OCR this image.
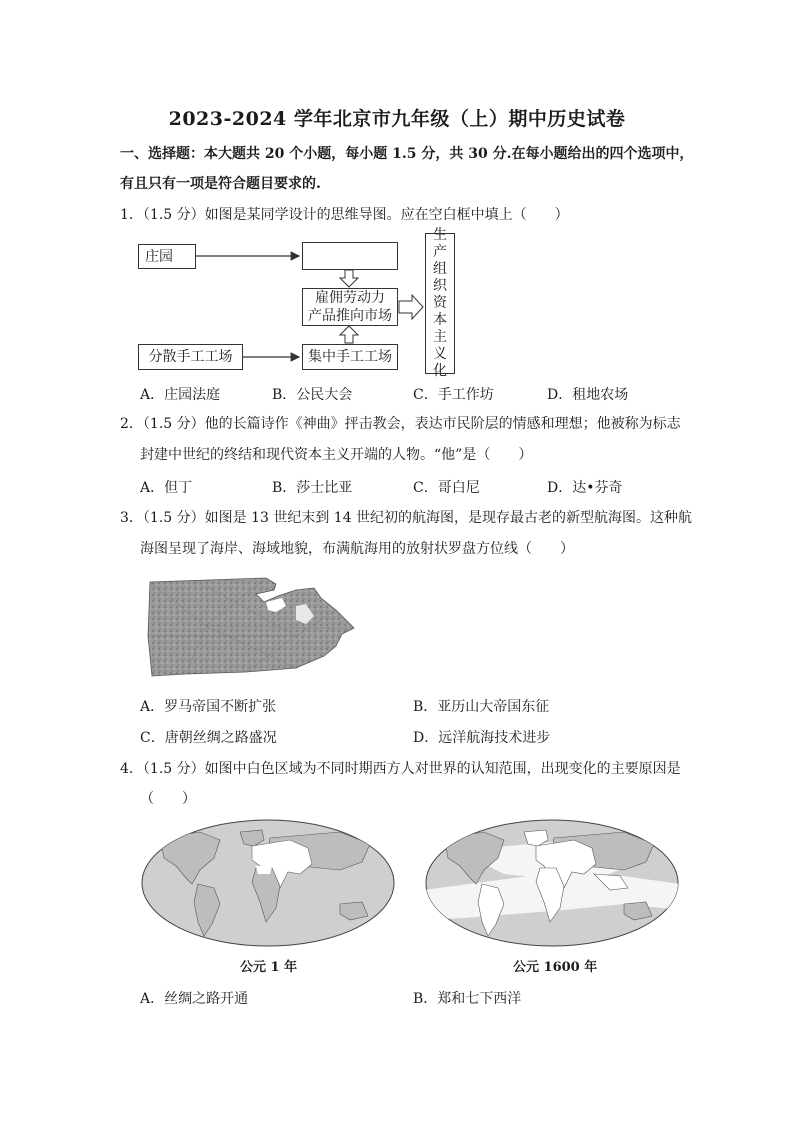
2023-2024 学年北京市九年级（上）期中历史试卷
一、选择题：本大题共 20 个小题，每小题 1.5 分，共 30 分.在每小题给出的四个选项中，
有且只有一项是符合题目要求的.
1．（1.5 分）如图是某同学设计的思维导图。应在空白框中填上（　　）
庄园
雇佣劳动力
产品推向市场
分散手工工场	集中手工工场
生
产
组
织
资
本
主
义
化
A．庄园法庭	B．公民大会	C．手工作坊	D．租地农场
2．（1.5 分）他的长篇诗作《神曲》抨击教会，表达市民阶层的情感和理想；他被称为标志
封建中世纪的终结和现代资本主义开端的人物。“他”是（　　）
A．但丁	B．莎士比亚	C．哥白尼	D．达•芬奇
3．（1.5 分）如图是 13 世纪末到 14 世纪初的航海图，是现存最古老的新型航海图。这种航
海图呈现了海岸、海域地貌，布满航海用的放射状罗盘方位线（　　）
A．罗马帝国不断扩张	B．亚历山大帝国东征
C．唐朝丝绸之路盛况	D．远洋航海技术进步
4．（1.5 分）如图中白色区域为不同时期西方人对世界的认知范围，出现变化的主要原因是
（　　）
公元 1 年	公元 1600 年
A．丝绸之路开通	B．郑和七下西洋
